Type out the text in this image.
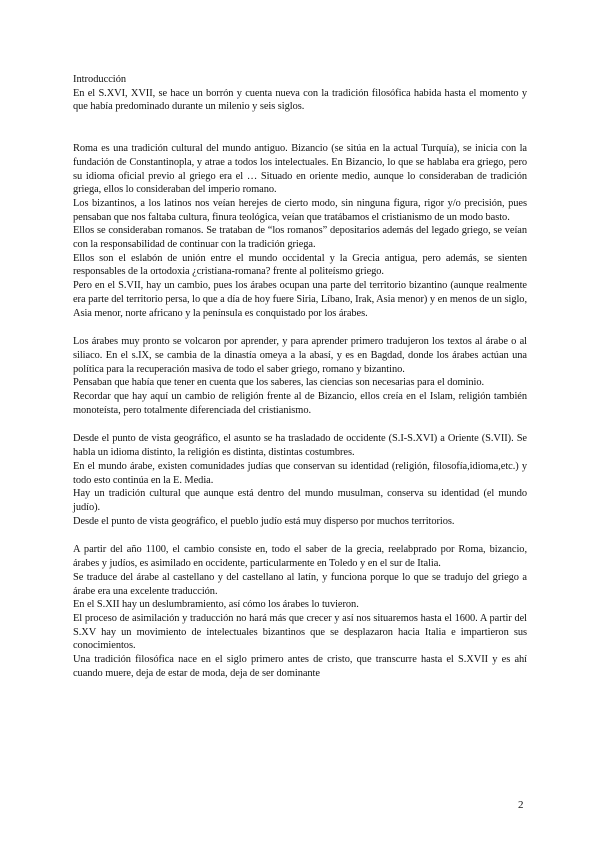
Introducción

En el S.XVI, XVII, se hace un borrón y cuenta nueva con la tradición filosófica habida hasta el momento y que había predominado durante un milenio y seis siglos.

Roma es una tradición cultural del mundo antiguo. Bizancio (se sitúa en la actual Turquía), se inicia con la fundación de Constantinopla, y atrae a todos los intelectuales. En Bizancio, lo que se hablaba era griego, pero su idioma oficial previo al griego era el … Situado en oriente medio, aunque lo consideraban de tradición griega, ellos lo consideraban del imperio romano.

Los bizantinos, a los latinos nos veían herejes de cierto modo, sin ninguna figura, rigor y/o precisión, pues pensaban que nos faltaba cultura, finura teológica, veían que tratábamos el cristianismo de un modo basto.

Ellos se consideraban romanos. Se trataban de “los romanos” depositarios además del legado griego, se veían con la responsabilidad de continuar con la tradición griega.

Ellos son el eslabón de unión entre el mundo occidental y la Grecia antigua, pero además, se sienten responsables de la ortodoxia ¿cristiana-romana? frente al politeísmo griego.

Pero en el S.VII, hay un cambio, pues los árabes ocupan una parte del territorio bizantino (aunque realmente era parte del territorio persa, lo que a día de hoy fuere Siria, Líbano, Irak, Asia menor) y en menos de un siglo, Asia menor, norte africano y la península es conquistado por los árabes.

Los árabes muy pronto se volcaron por aprender, y para aprender primero tradujeron los textos al árabe o al siliaco. En el s.IX, se cambia de la dinastía omeya a la abasí, y es en Bagdad, donde los árabes actúan una política para la recuperación masiva de todo el saber griego, romano y bizantino.

Pensaban que había que tener en cuenta que los saberes, las ciencias son necesarias para el dominio.

Recordar que hay aquí un cambio de religión frente al de Bizancio, ellos creía en el Islam, religión también monoteísta, pero totalmente diferenciada del cristianismo.

Desde el punto de vista geográfico, el asunto se ha trasladado de occidente (S.I-S.XVI) a Oriente (S.VII). Se habla un idioma distinto, la religión es distinta, distintas costumbres.

En el mundo árabe, existen comunidades judías que conservan su identidad (religión, filosofía,idioma,etc.) y todo esto continúa en la E. Media.

Hay un tradición cultural que aunque está dentro del mundo musulman, conserva su identidad (el mundo judío).

Desde el punto de vista geográfico, el pueblo judío está muy disperso por muchos territorios.

A partir del año 1100, el cambio consiste en, todo el saber de la grecia, reelabprado por Roma, bizancio, árabes y judíos, es asimilado en occidente, particularmente en Toledo y en el sur de Italia.

Se traduce del árabe al castellano y del castellano al latín, y funciona porque lo que se tradujo del griego a árabe era una excelente traducción.

En el S.XII hay un deslumbramiento, así cómo los árabes lo tuvieron.

El proceso de asimilación y traducción no hará más que crecer y así nos situaremos hasta el 1600. A partir del S.XV hay un movimiento de intelectuales bizantinos que se desplazaron hacia Italia e impartieron sus conocimientos.

Una tradición filosófica nace en el siglo primero antes de cristo, que transcurre hasta el S.XVII y es ahí cuando muere, deja de estar de moda, deja de ser dominante

2
